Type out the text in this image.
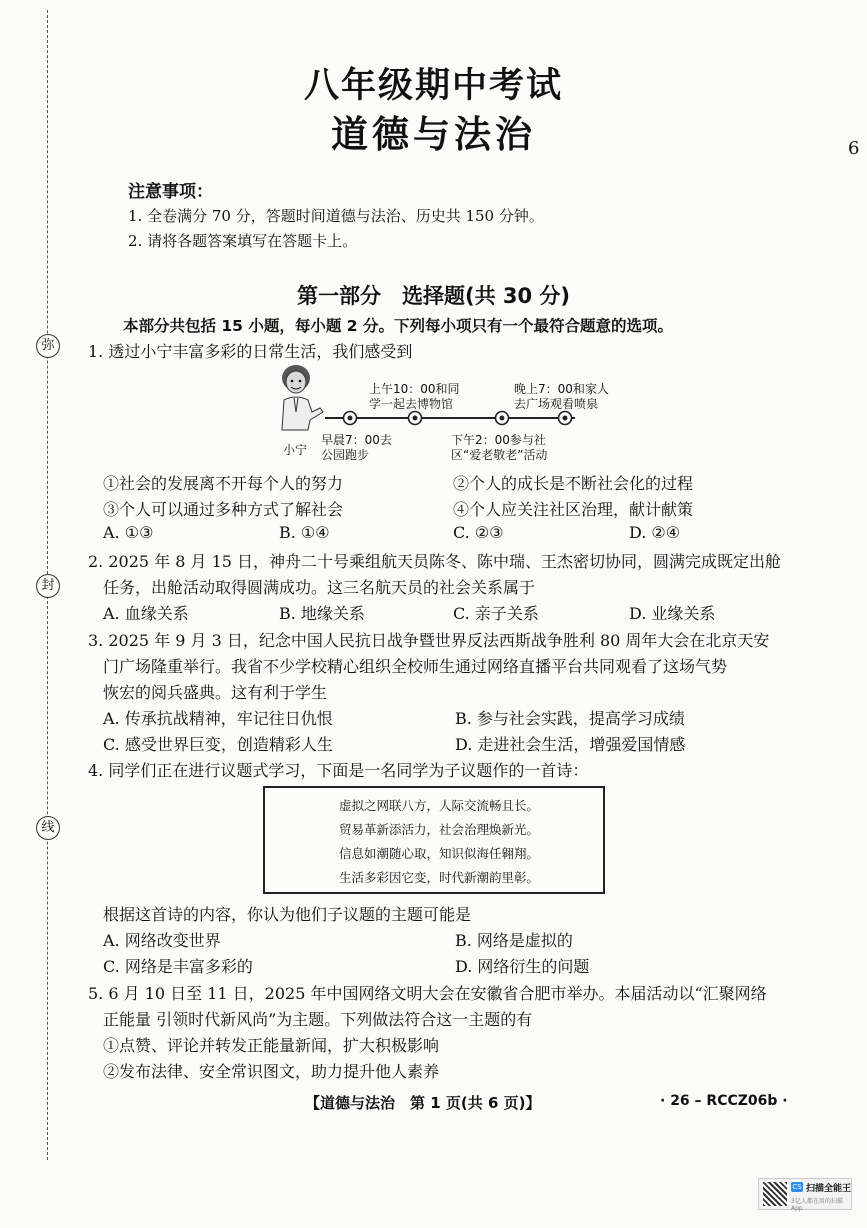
弥
封
线
八年级期中考试
道德与法治	6
注意事项：
1. 全卷满分 70 分，答题时间道德与法治、历史共 150 分钟。
2. 请将各题答案填写在答题卡上。
第一部分　选择题(共 30 分)
本部分共包括 15 小题，每小题 2 分。下列每小项只有一个最符合题意的选项。
1. 透过小宁丰富多彩的日常生活，我们感受到
小宁
上午10：00和同
学一起去博物馆
晚上7：00和家人
去广场观看喷泉
早晨7：00去
公园跑步
下午2：00参与社
区“爱老敬老”活动
①社会的发展离不开每个人的努力	②个人的成长是不断社会化的过程
③个人可以通过多种方式了解社会	④个人应关注社区治理，献计献策
A. ①③	B. ①④	C. ②③	D. ②④
2. 2025 年 8 月 15 日，神舟二十号乘组航天员陈冬、陈中瑞、王杰密切协同，圆满完成既定出舱
任务，出舱活动取得圆满成功。这三名航天员的社会关系属于
A. 血缘关系	B. 地缘关系	C. 亲子关系	D. 业缘关系
3. 2025 年 9 月 3 日，纪念中国人民抗日战争暨世界反法西斯战争胜利 80 周年大会在北京天安
门广场隆重举行。我省不少学校精心组织全校师生通过网络直播平台共同观看了这场气势
恢宏的阅兵盛典。这有利于学生
A. 传承抗战精神，牢记往日仇恨	B. 参与社会实践，提高学习成绩
C. 感受世界巨变，创造精彩人生	D. 走进社会生活，增强爱国情感
4. 同学们正在进行议题式学习，下面是一名同学为子议题作的一首诗：
虚拟之网联八方，人际交流畅且长。
贸易革新添活力，社会治理焕新光。
信息如潮随心取，知识似海任翱翔。
生活多彩因它变，时代新潮韵里彰。
根据这首诗的内容，你认为他们子议题的主题可能是
A. 网络改变世界	B. 网络是虚拟的
C. 网络是丰富多彩的	D. 网络衍生的问题
5. 6 月 10 日至 11 日，2025 年中国网络文明大会在安徽省合肥市举办。本届活动以“汇聚网络
正能量 引领时代新风尚”为主题。下列做法符合这一主题的有
①点赞、评论并转发正能量新闻，扩大积极影响
②发布法律、安全常识图文，助力提升他人素养
【道德与法治　第 1 页(共 6 页)】	· 26 – RCCZ06b ·
CS 扫描全能王
3亿人都在用的扫描App
